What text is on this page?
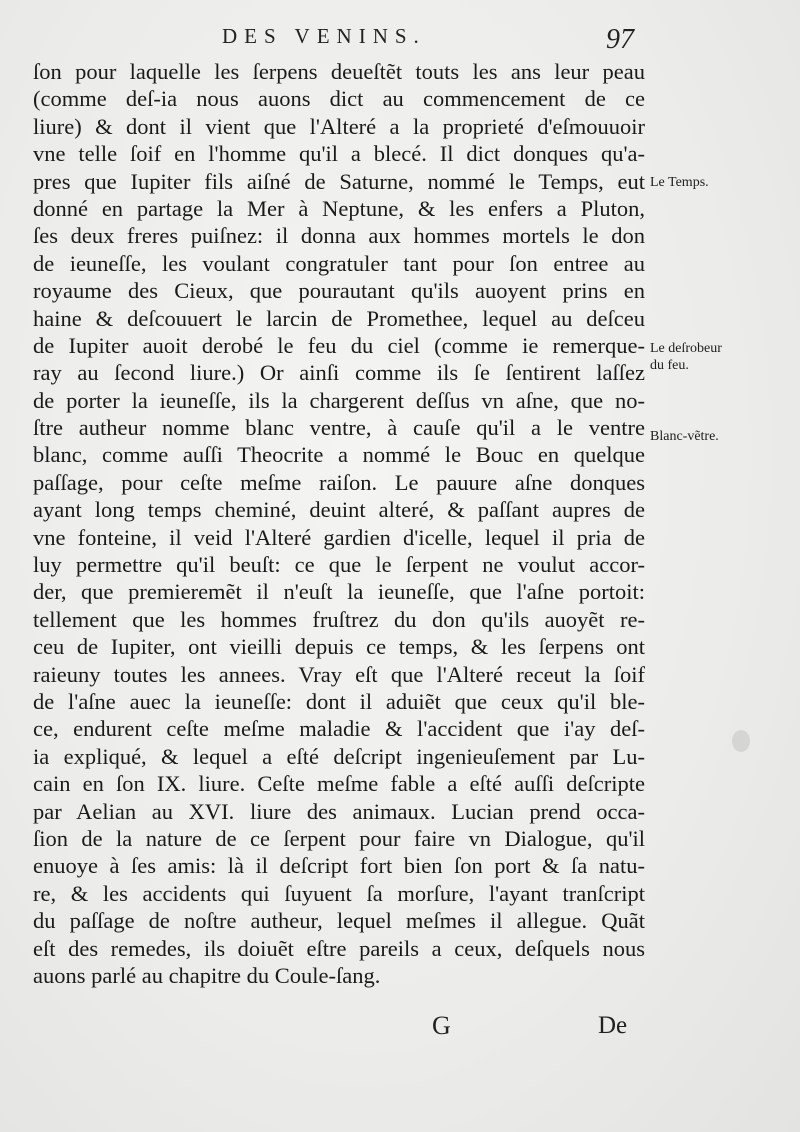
DES VENINS.	97
ſon pour laquelle les ſerpens deueſtẽt touts les ans leur peau
(comme deſ-ia nous auons dict au commencement de ce
liure) & dont il vient que l'Alteré a la proprieté d'eſmouuoir
vne telle ſoif en l'homme qu'il a blecé. Il dict donques qu'a-
pres que Iupiter fils aiſné de Saturne, nommé le Temps, eut
donné en partage la Mer à Neptune, & les enfers a Pluton,
ſes deux freres puiſnez: il donna aux hommes mortels le don
de ieuneſſe, les voulant congratuler tant pour ſon entree au
royaume des Cieux, que pourautant qu'ils auoyent prins en
haine & deſcouuert le larcin de Promethee, lequel au deſceu
de Iupiter auoit derobé le feu du ciel (comme ie remerque-
ray au ſecond liure.) Or ainſi comme ils ſe ſentirent laſſez
de porter la ieuneſſe, ils la chargerent deſſus vn aſne, que no-
ſtre autheur nomme blanc ventre, à cauſe qu'il a le ventre
blanc, comme auſſi Theocrite a nommé le Bouc en quelque
paſſage, pour ceſte meſme raiſon. Le pauure aſne donques
ayant long temps cheminé, deuint alteré, & paſſant aupres de
vne fonteine, il veid l'Alteré gardien d'icelle, lequel il pria de
luy permettre qu'il beuſt: ce que le ſerpent ne voulut accor-
der, que premieremẽt il n'euſt la ieuneſſe, que l'aſne portoit:
tellement que les hommes fruſtrez du don qu'ils auoyẽt re-
ceu de Iupiter, ont vieilli depuis ce temps, & les ſerpens ont
raieuny toutes les annees. Vray eſt que l'Alteré receut la ſoif
de l'aſne auec la ieuneſſe: dont il aduiẽt que ceux qu'il ble-
ce, endurent ceſte meſme maladie & l'accident que i'ay deſ-
ia expliqué, & lequel a eſté deſcript ingenieuſement par Lu-
cain en ſon IX. liure. Ceſte meſme fable a eſté auſſi deſcripte
par Aelian au XVI. liure des animaux. Lucian prend occa-
ſion de la nature de ce ſerpent pour faire vn Dialogue, qu'il
enuoye à ſes amis: là il deſcript fort bien ſon port & ſa natu-
re, & les accidents qui ſuyuent ſa morſure, l'ayant tranſcript
du paſſage de noſtre autheur, lequel meſmes il allegue. Quãt
eſt des remedes, ils doiuẽt eſtre pareils a ceux, deſquels nous
auons parlé au chapitre du Coule-ſang.
Le Temps.
Le deſrobeur
du feu.
Blanc-vẽtre.
G	De
